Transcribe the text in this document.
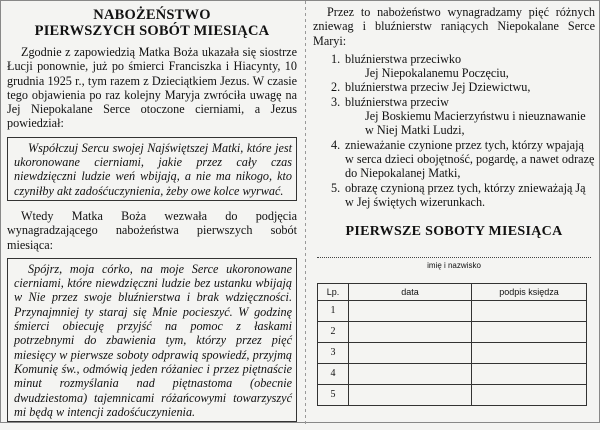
NABOŻEŃSTWO
PIERWSZYCH SOBÓT MIESIĄCA

Zgodnie z zapowiedzią Matka Boża ukazała się siostrze Łucji ponownie, już po śmierci Franciszka i Hiacynty, 10 grudnia 1925 r., tym razem z Dzieciątkiem Jezus. W czasie tego objawienia po raz kolejny Maryja zwróciła uwagę na Jej Niepokalane Serce otoczone cierniami, a Jezus powiedział:

Współczuj Sercu swojej Najświętszej Matki, które jest ukoronowane cierniami, jakie przez cały czas niewdzięczni ludzie weń wbijają, a nie ma nikogo, kto czyniłby akt zadośćuczynienia, żeby owe kolce wyrwać.

Wtedy Matka Boża wezwała do podjęcia wynagradzającego nabożeństwa pierwszych sobót miesiąca:

Spójrz, moja córko, na moje Serce ukoronowane cierniami, które niewdzięczni ludzie bez ustanku wbijają w Nie przez swoje bluźnierstwa i brak wdzięczności. Przynajmniej ty staraj się Mnie pocieszyć. W godzinę śmierci obiecuję przyjść na pomoc z łaskami potrzebnymi do zbawienia tym, którzy przez pięć miesięcy w pierwsze soboty odprawią spowiedź, przyjmą Komunię św., odmówią jeden różaniec i przez piętnaście minut rozmyślania nad piętnastoma (obecnie dwudziestoma) tajemnicami różańcowymi towarzyszyć mi będą w intencji zadośćuczynienia.

Przez to nabożeństwo wynagradzamy pięć różnych zniewag i bluźnierstw raniących Niepokalane Serce Maryi:

1. bluźnierstwa przeciwko
Jej Niepokalanemu Poczęciu,
2. bluźnierstwa przeciw Jej Dziewictwu,
3. bluźnierstwa przeciw

Jej Boskiemu Macierzyństwu i nieuznawanie w Niej Matki Ludzi,
4. znieważanie czynione przez tych, którzy wpajają w serca dzieci obojętność, pogardę, a nawet odrazę do Niepokalanej Matki,
5. obrazę czynioną przez tych, którzy znieważają Ją w Jej świętych wizerunkach.
PIERWSZE SOBOTY MIESIĄCA
imię i nazwisko
Lp.	data	podpis księdza
1		
2		
3		
4		
5		
